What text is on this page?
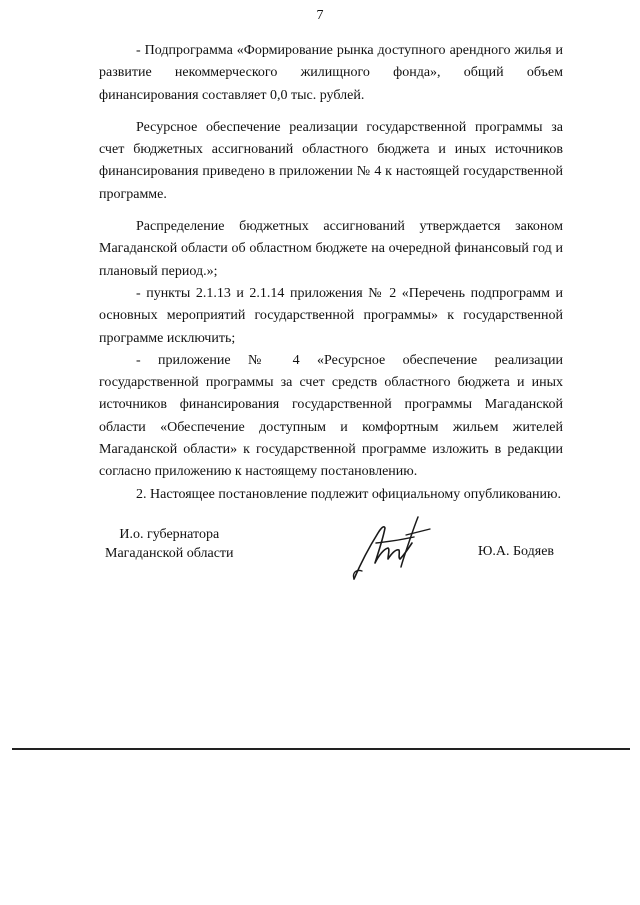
7

- Подпрограмма «Формирование рынка доступного арендного жилья и развитие некоммерческого жилищного фонда», общий объем финансирования составляет 0,0 тыс. рублей.

Ресурсное обеспечение реализации государственной программы за счет бюджетных ассигнований областного бюджета и иных источников финансирования приведено в приложении № 4 к настоящей государственной программе.

Распределение бюджетных ассигнований утверждается законом Магаданской области об областном бюджете на очередной финансовый год и плановый период.»;

- пункты 2.1.13 и 2.1.14 приложения № 2 «Перечень подпрограмм и основных мероприятий государственной программы» к государственной программе исключить;

- приложение № 4 «Ресурсное обеспечение реализации государственной программы за счет средств областного бюджета и иных источников финансирования государственной программы Магаданской области «Обеспечение доступным и комфортным жильем жителей Магаданской области» к государственной программе изложить в редакции согласно приложению к настоящему постановлению.

2. Настоящее постановление подлежит официальному опубликованию.

И.о. губернатора
Магаданской области	Ю.А. Бодяев
